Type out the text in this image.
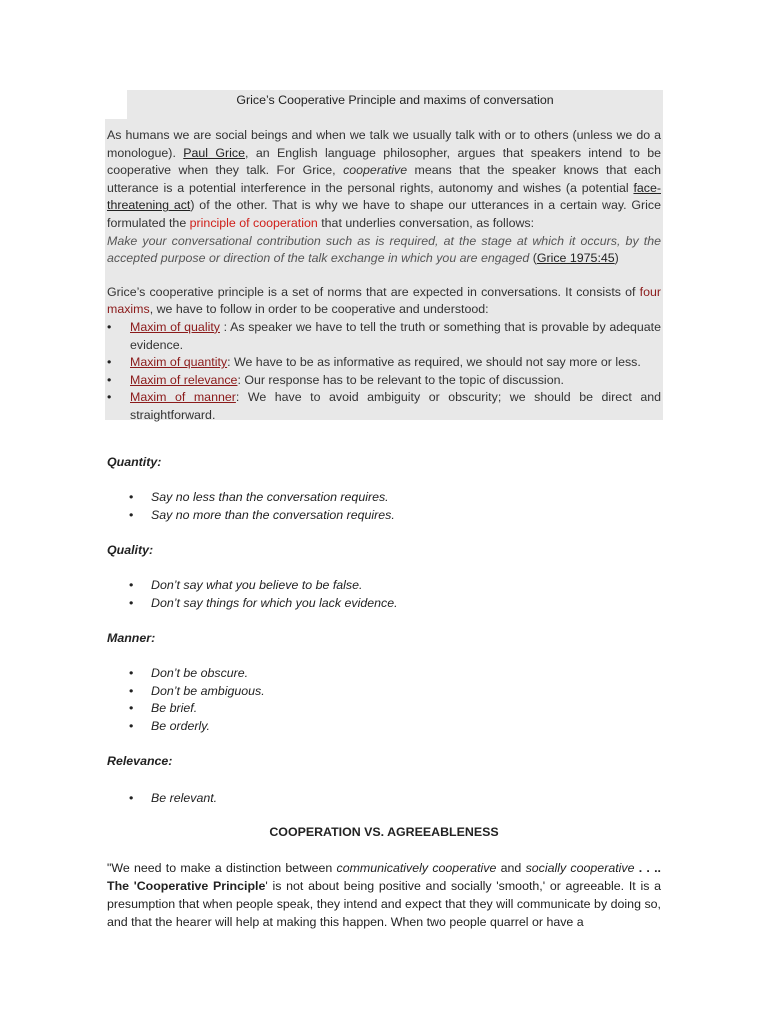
Grice’s Cooperative Principle and maxims of conversation

As humans we are social beings and when we talk we usually talk with or to others (unless we do a monologue). Paul Grice, an English language philosopher, argues that speakers intend to be cooperative when they talk. For Grice, cooperative means that the speaker knows that each utterance is a potential interference in the personal rights, autonomy and wishes (a potential face-threatening act) of the other. That is why we have to shape our utterances in a certain way. Grice formulated the principle of cooperation that underlies conversation, as follows:

Make your conversational contribution such as is required, at the stage at which it occurs, by the accepted purpose or direction of the talk exchange in which you are engaged (Grice 1975:45)

Grice’s cooperative principle is a set of norms that are expected in conversations. It consists of four maxims, we have to follow in order to be cooperative and understood:

• Maxim of quality : As speaker we have to tell the truth or something that is provable by adequate evidence.
• Maxim of quantity: We have to be as informative as required, we should not say more or less.
• Maxim of relevance: Our response has to be relevant to the topic of discussion.
• Maxim of manner: We have to avoid ambiguity or obscurity; we should be direct and straightforward.
Quantity:
• Say no less than the conversation requires.
• Say no more than the conversation requires.
Quality:
• Don’t say what you believe to be false.
• Don’t say things for which you lack evidence.
Manner:
• Don’t be obscure.
• Don’t be ambiguous.
• Be brief.
• Be orderly.
Relevance:
• Be relevant.
COOPERATION VS. AGREEABLENESS
"We need to make a distinction between communicatively cooperative and socially cooperative . . .. The 'Cooperative Principle' is not about being positive and socially 'smooth,' or agreeable. It is a presumption that when people speak, they intend and expect that they will communicate by doing so, and that the hearer will help at making this happen. When two people quarrel or have a
